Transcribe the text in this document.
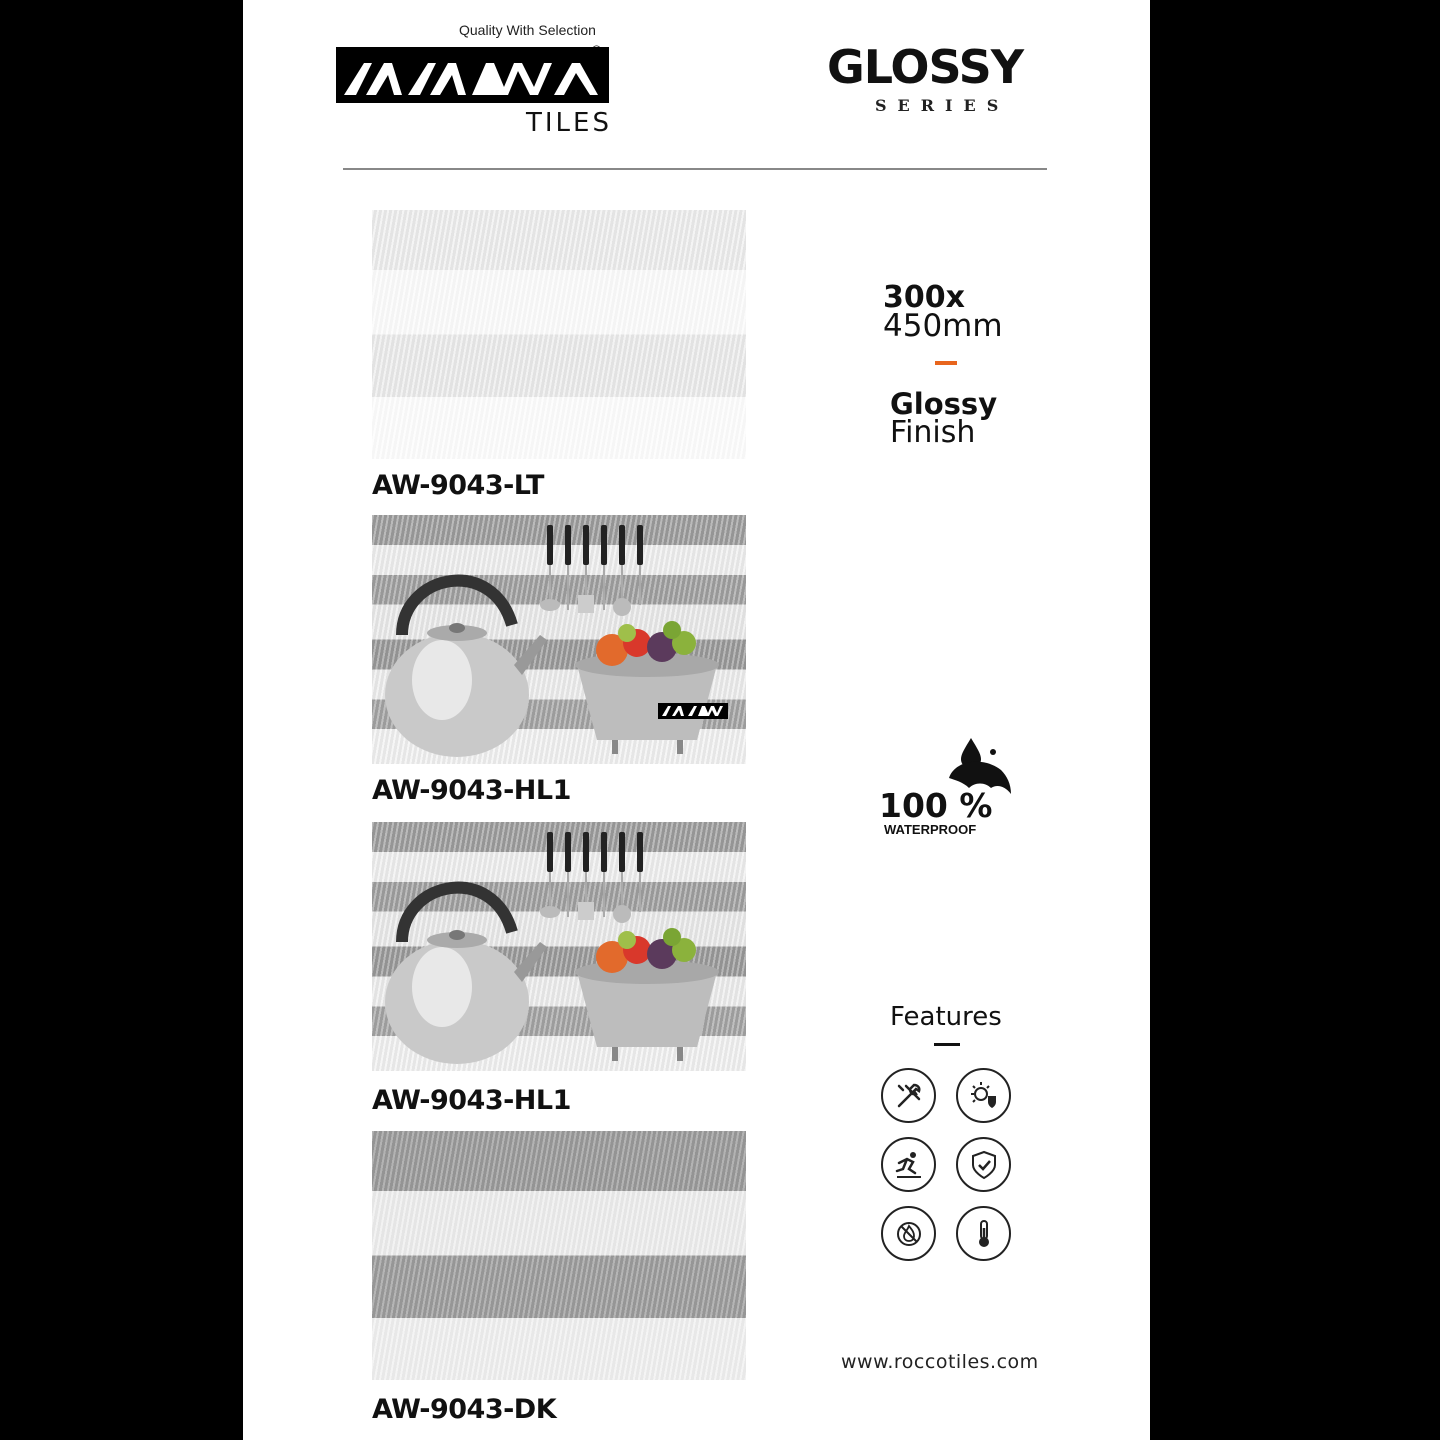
Quality With Selection
®
TILES
GLOSSY
SERIES
AW-9043-LT
AW-9043-HL1
AW-9043-HL1
AW-9043-DK
300x
450mm
Glossy
Finish
100 %
WATERPROOF
Features
www.roccotiles.com
